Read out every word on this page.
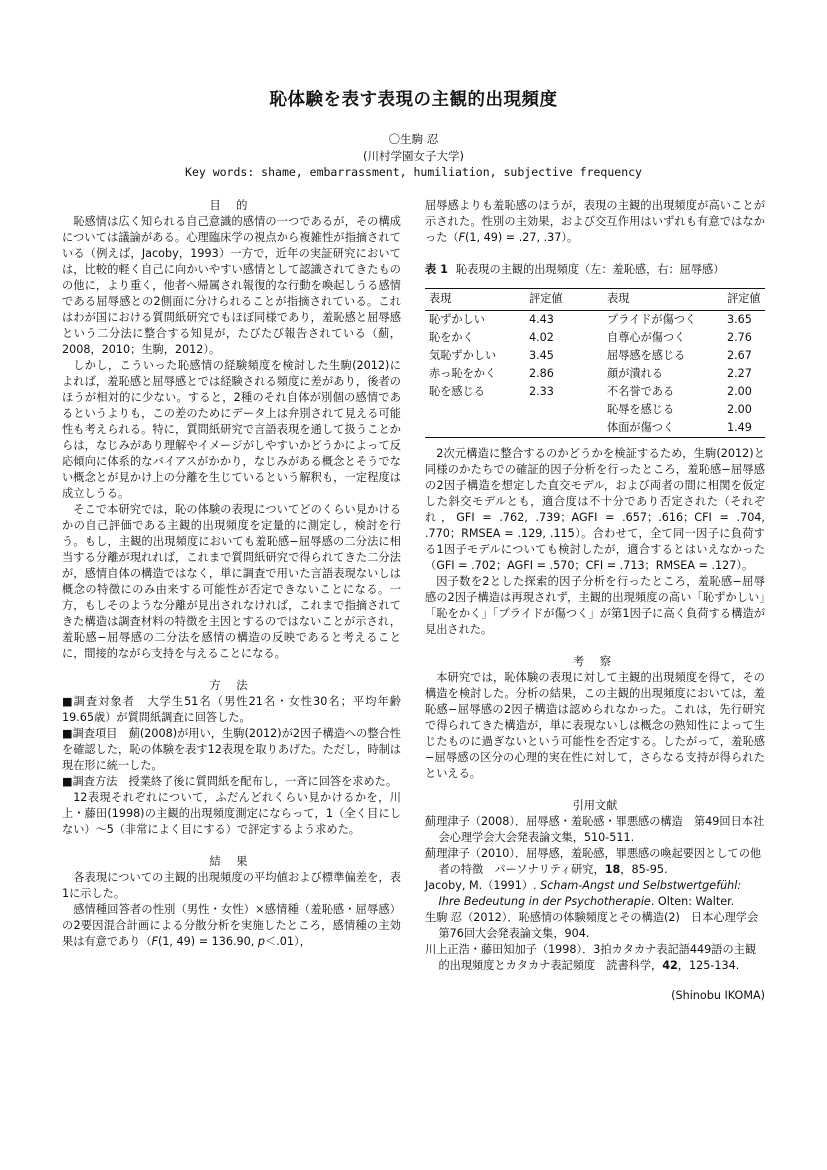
恥体験を表す表現の主観的出現頻度
〇生駒 忍
(川村学園女子大学)
Key words: shame, embarrassment, humiliation, subjective frequency
目 的

恥感情は広く知られる自己意識的感情の一つであるが，その構成については議論がある。心理臨床学の視点から複雑性が指摘されている（例えば，Jacoby，1993）一方で，近年の実証研究においては，比較的軽く自己に向かいやすい感情として認識されてきたものの他に，より重く，他者へ帰属され報復的な行動を喚起しうる感情である屈辱感との2側面に分けられることが指摘されている。これはわが国における質問紙研究でもほぼ同様であり，羞恥感と屈辱感という二分法に整合する知見が，たびたび報告されている（薊，2008，2010；生駒，2012）。

しかし，こういった恥感情の経験頻度を検討した生駒(2012)によれば，羞恥感と屈辱感とでは経験される頻度に差があり，後者のほうが相対的に少ない。すると，2種のそれ自体が別個の感情であるというよりも，この差のためにデータ上は弁別されて見える可能性も考えられる。特に，質問紙研究で言語表現を通して扱うことからは，なじみがあり理解やイメージがしやすいかどうかによって反応傾向に体系的なバイアスがかかり，なじみがある概念とそうでない概念とが見かけ上の分離を生じているという解釈も，一定程度は成立しうる。

そこで本研究では，恥の体験の表現についてどのくらい見かけるかの自己評価である主観的出現頻度を定量的に測定し，検討を行う。もし，主観的出現頻度においても羞恥感−屈辱感の二分法に相当する分離が現れれば，これまで質問紙研究で得られてきた二分法が，感情自体の構造ではなく，単に調査で用いた言語表現ないしは概念の特徴にのみ由来する可能性が否定できないことになる。一方，もしそのような分離が見出されなければ，これまで指摘されてきた構造は調査材料の特徴を主因とするのではないことが示され，羞恥感−屈辱感の二分法を感情の構造の反映であると考えることに，間接的ながら支持を与えることになる。

方 法

■調査対象者　大学生51名（男性21名・女性30名；平均年齢19.65歳）が質問紙調査に回答した。

■調査項目　薊(2008)が用い，生駒(2012)が2因子構造への整合性を確認した，恥の体験を表す12表現を取りあげた。ただし，時制は現在形に統一した。

■調査方法　授業終了後に質問紙を配布し，一斉に回答を求めた。

12表現それぞれについて，ふだんどれくらい見かけるかを，川上・藤田(1998)の主観的出現頻度測定にならって，1（全く目にしない）〜5（非常によく目にする）で評定するよう求めた。

結 果

各表現についての主観的出現頻度の平均値および標準偏差を，表1に示した。

感情種回答者の性別（男性・女性）×感情種（羞恥感・屈辱感）の2要因混合計画による分散分析を実施したところ，感情種の主効果は有意であり（F(1, 49) = 136.90, p＜.01），

屈辱感よりも羞恥感のほうが，表現の主観的出現頻度が高いことが示された。性別の主効果，および交互作用はいずれも有意ではなかった（F(1, 49) = .27, .37）。

表 1 恥表現の主観的出現頻度（左：羞恥感，右：屈辱感）

表現	評定値	表現	評定値
恥ずかしい	4.43	プライドが傷つく	3.65
恥をかく	4.02	自尊心が傷つく	2.76
気恥ずかしい	3.45	屈辱感を感じる	2.67
赤っ恥をかく	2.86	顔が潰れる	2.27
恥を感じる	2.33	不名誉である	2.00
		恥辱を感じる	2.00
		体面が傷つく	1.49

2次元構造に整合するのかどうかを検証するため，生駒(2012)と同様のかたちでの確証的因子分析を行ったところ，羞恥感−屈辱感の2因子構造を想定した直交モデル，および両者の間に相関を仮定した斜交モデルとも，適合度は不十分であり否定された（それぞれ，GFI = .762, .739；AGFI = .657；.616；CFI = .704, .770；RMSEA = .129, .115）。合わせて，全て同一因子に負荷する1因子モデルについても検討したが，適合するとはいえなかった（GFI = .702；AGFI = .570；CFI = .713；RMSEA = .127）。

因子数を2とした探索的因子分析を行ったところ，羞恥感−屈辱感の2因子構造は再現されず，主観的出現頻度の高い「恥ずかしい」「恥をかく」「プライドが傷つく」が第1因子に高く負荷する構造が見出された。

考 察

本研究では，恥体験の表現に対して主観的出現頻度を得て，その構造を検討した。分析の結果，この主観的出現頻度においては，羞恥感−屈辱感の2因子構造は認められなかった。これは，先行研究で得られてきた構造が，単に表現ないしは概念の熟知性によって生じたものに過ぎないという可能性を否定する。したがって，羞恥感−屈辱感の区分の心理的実在性に対して，さらなる支持が得られたといえる。

引用文献

薊理津子（2008）．屈辱感・羞恥感・罪悪感の構造　第49回日本社会心理学会大会発表論文集，510-511.

薊理津子（2010）．屈辱感，羞恥感，罪悪感の喚起要因としての他者の特徴　パーソナリティ研究，18，85-95.

Jacoby, M.（1991）. Scham-Angst und Selbstwertgefühl: Ihre Bedeutung in der Psychotherapie. Olten: Walter.

生駒 忍（2012）．恥感情の体験頻度とその構造(2)　日本心理学会第76回大会発表論文集，904.

川上正浩・藤田知加子（1998）．3拍カタカナ表記語449語の主観的出現頻度とカタカナ表記頻度　読書科学，42，125-134.

(Shinobu IKOMA)
